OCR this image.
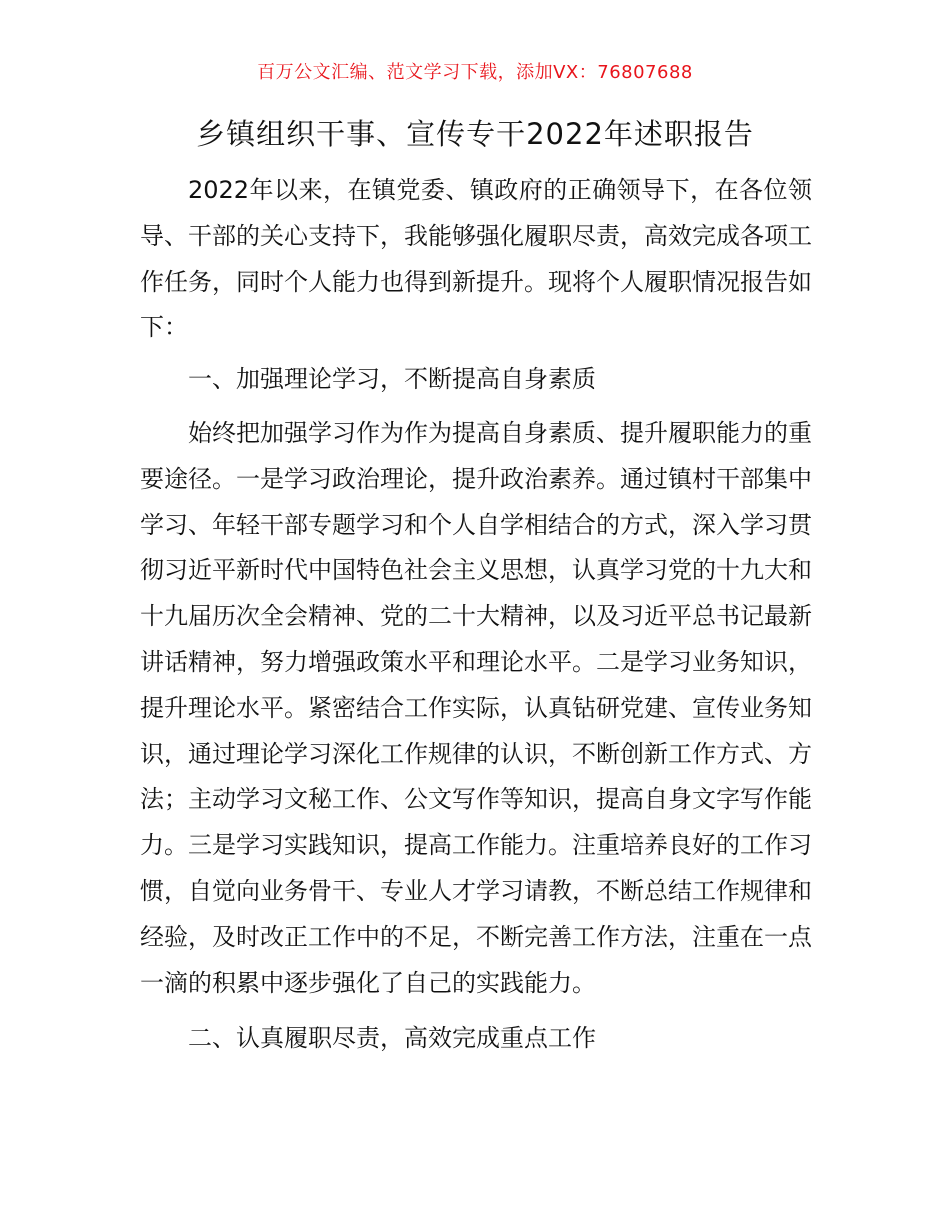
百万公文汇编、范文学习下载，添加VX：76807688
乡镇组织干事、宣传专干2022年述职报告

2022年以来，在镇党委、镇政府的正确领导下，在各位领导、干部的关心支持下，我能够强化履职尽责，高效完成各项工作任务，同时个人能力也得到新提升。现将个人履职情况报告如下：

一、加强理论学习，不断提高自身素质

始终把加强学习作为作为提高自身素质、提升履职能力的重要途径。一是学习政治理论，提升政治素养。通过镇村干部集中学习、年轻干部专题学习和个人自学相结合的方式，深入学习贯彻习近平新时代中国特色社会主义思想，认真学习党的十九大和十九届历次全会精神、党的二十大精神，以及习近平总书记最新讲话精神，努力增强政策水平和理论水平。二是学习业务知识，提升理论水平。紧密结合工作实际，认真钻研党建、宣传业务知识，通过理论学习深化工作规律的认识，不断创新工作方式、方法；主动学习文秘工作、公文写作等知识，提高自身文字写作能力。三是学习实践知识，提高工作能力。注重培养良好的工作习惯，自觉向业务骨干、专业人才学习请教，不断总结工作规律和经验，及时改正工作中的不足，不断完善工作方法，注重在一点一滴的积累中逐步强化了自己的实践能力。

二、认真履职尽责，高效完成重点工作
